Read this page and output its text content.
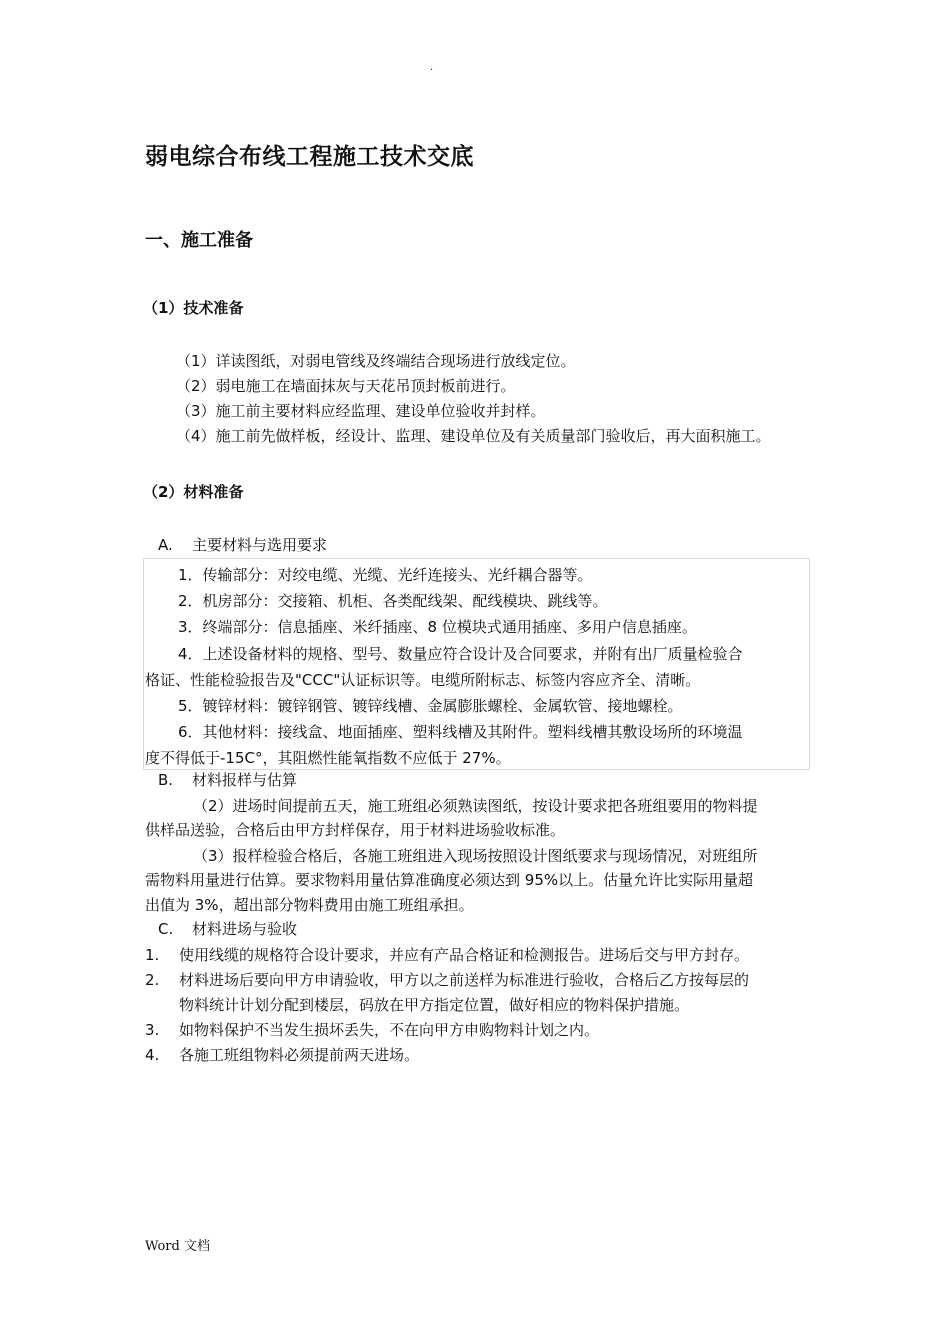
.
弱电综合布线工程施工技术交底
一、施工准备
（1）技术准备
（1）详读图纸，对弱电管线及终端结合现场进行放线定位。
（2）弱电施工在墙面抹灰与天花吊顶封板前进行。
（3）施工前主要材料应经监理、建设单位验收并封样。
（4）施工前先做样板，经设计、监理、建设单位及有关质量部门验收后，再大面积施工。
（2）材料准备
A. 主要材料与选用要求
1．传输部分：对绞电缆、光缆、光纤连接头、光纤耦合器等。
2．机房部分：交接箱、机柜、各类配线架、配线模块、跳线等。
3．终端部分：信息插座、米纤插座、8 位模块式通用插座、多用户信息插座。
4．上述设备材料的规格、型号、数量应符合设计及合同要求，并附有出厂质量检验合
格证、性能检验报告及"CCC"认证标识等。电缆所附标志、标签内容应齐全、清晰。
5．镀锌材料：镀锌钢管、镀锌线槽、金属膨胀螺栓、金属软管、接地螺栓。
6．其他材料：接线盒、地面插座、塑料线槽及其附件。塑料线槽其敷设场所的环境温
度不得低于-15C°，其阻燃性能氧指数不应低于 27%。
B. 材料报样与估算
（2）进场时间提前五天，施工班组必须熟读图纸，按设计要求把各班组要用的物料提
供样品送验，合格后由甲方封样保存，用于材料进场验收标准。
（3）报样检验合格后，各施工班组进入现场按照设计图纸要求与现场情况，对班组所
需物料用量进行估算。要求物料用量估算准确度必须达到 95%以上。估量允许比实际用量超
出值为 3%，超出部分物料费用由施工班组承担。
C. 材料进场与验收
1. 使用线缆的规格符合设计要求，并应有产品合格证和检测报告。进场后交与甲方封存。
2. 材料进场后要向甲方申请验收，甲方以之前送样为标准进行验收，合格后乙方按每层的
物料统计计划分配到楼层，码放在甲方指定位置，做好相应的物料保护措施。
3. 如物料保护不当发生损坏丢失，不在向甲方申购物料计划之内。
4. 各施工班组物料必须提前两天进场。
Word 文档
